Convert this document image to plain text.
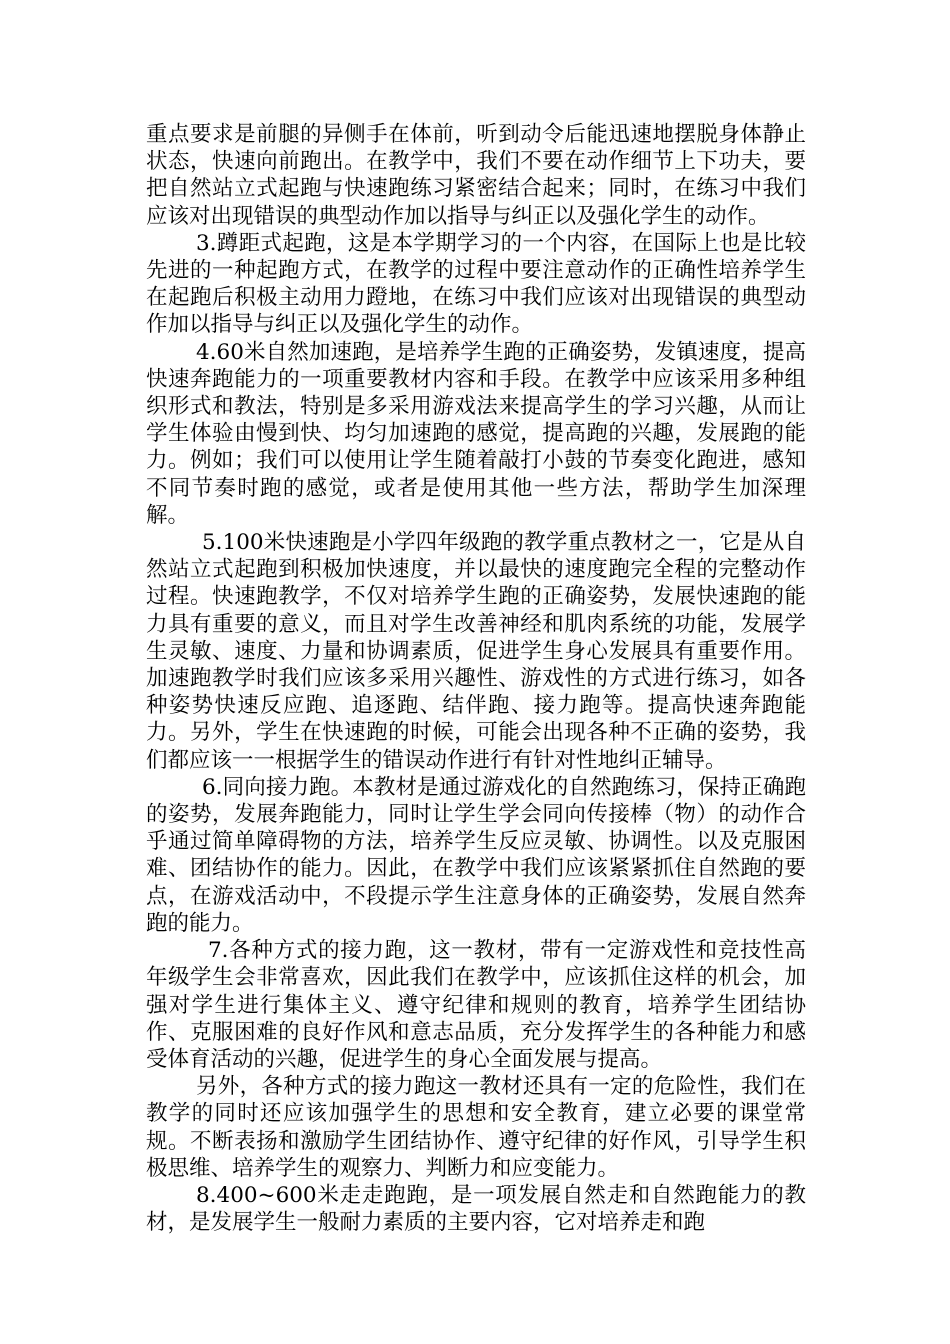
重点要求是前腿的异侧手在体前，听到动令后能迅速地摆脱身体静止状态，快速向前跑出。在教学中，我们不要在动作细节上下功夫，要把自然站立式起跑与快速跑练习紧密结合起来；同时，在练习中我们应该对出现错误的典型动作加以指导与纠正以及强化学生的动作。

3.蹲距式起跑，这是本学期学习的一个内容，在国际上也是比较先进的一种起跑方式，在教学的过程中要注意动作的正确性培养学生在起跑后积极主动用力蹬地，在练习中我们应该对出现错误的典型动作加以指导与纠正以及强化学生的动作。

4.60米自然加速跑，是培养学生跑的正确姿势，发镇速度，提高快速奔跑能力的一项重要教材内容和手段。在教学中应该采用多种组织形式和教法，特别是多采用游戏法来提高学生的学习兴趣，从而让学生体验由慢到快、均匀加速跑的感觉，提高跑的兴趣，发展跑的能力。例如；我们可以使用让学生随着敲打小鼓的节奏变化跑进，感知不同节奏时跑的感觉，或者是使用其他一些方法，帮助学生加深理解。

5.100米快速跑是小学四年级跑的教学重点教材之一，它是从自然站立式起跑到积极加快速度，并以最快的速度跑完全程的完整动作过程。快速跑教学，不仅对培养学生跑的正确姿势，发展快速跑的能力具有重要的意义，而且对学生改善神经和肌肉系统的功能，发展学生灵敏、速度、力量和协调素质，促进学生身心发展具有重要作用。加速跑教学时我们应该多采用兴趣性、游戏性的方式进行练习，如各种姿势快速反应跑、追逐跑、结伴跑、接力跑等。提高快速奔跑能力。另外，学生在快速跑的时候，可能会出现各种不正确的姿势，我们都应该一一根据学生的错误动作进行有针对性地纠正辅导。

6.同向接力跑。本教材是通过游戏化的自然跑练习，保持正确跑的姿势，发展奔跑能力，同时让学生学会同向传接棒（物）的动作合乎通过简单障碍物的方法，培养学生反应灵敏、协调性。以及克服困难、团结协作的能力。因此，在教学中我们应该紧紧抓住自然跑的要点，在游戏活动中，不段提示学生注意身体的正确姿势，发展自然奔跑的能力。

7.各种方式的接力跑，这一教材，带有一定游戏性和竞技性高年级学生会非常喜欢，因此我们在教学中，应该抓住这样的机会，加强对学生进行集体主义、遵守纪律和规则的教育，培养学生团结协作、克服困难的良好作风和意志品质，充分发挥学生的各种能力和感受体育活动的兴趣，促进学生的身心全面发展与提高。

另外，各种方式的接力跑这一教材还具有一定的危险性，我们在教学的同时还应该加强学生的思想和安全教育，建立必要的课堂常规。不断表扬和激励学生团结协作、遵守纪律的好作风，引导学生积极思维、培养学生的观察力、判断力和应变能力。

8.400~600米走走跑跑，是一项发展自然走和自然跑能力的教材，是发展学生一般耐力素质的主要内容，它对培养走和跑
